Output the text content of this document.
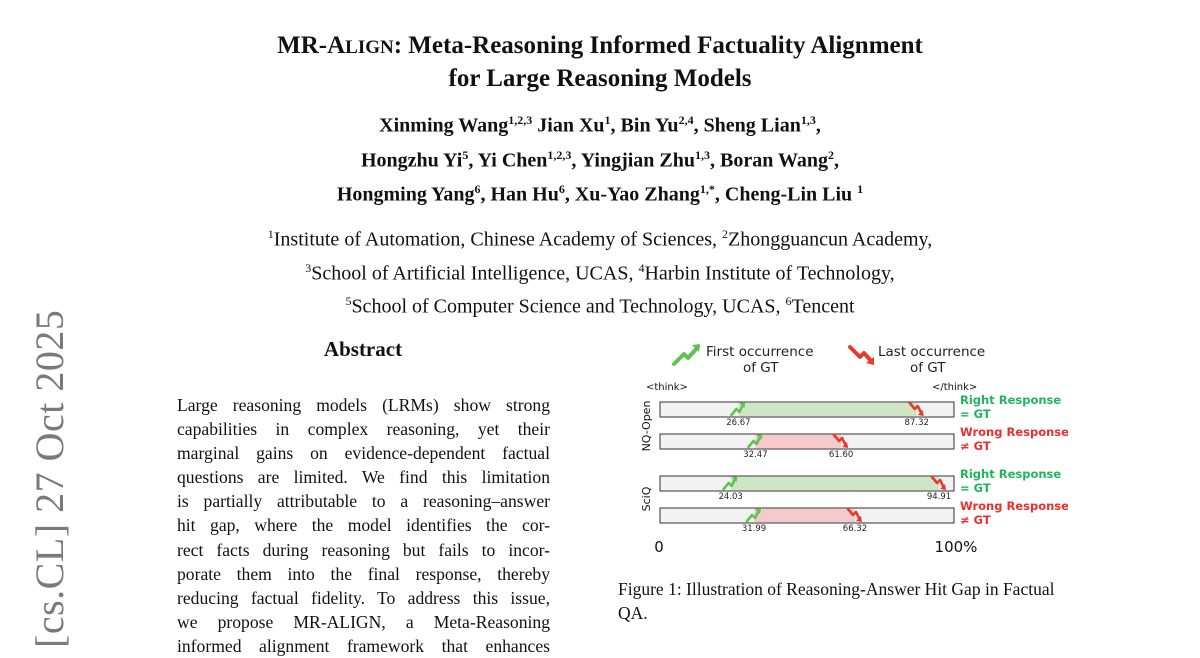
[cs.CL] 27 Oct 2025
MR-ALIGN: Meta-Reasoning Informed Factuality Alignment
for Large Reasoning Models
Xinming Wang$^{1,2,3}$ Jian Xu$^1$, Bin Yu$^{2,4}$, Sheng Lian$^{1,3}$,
Hongzhu Yi$^5$, Yi Chen$^{1,2,3}$, Yingjian Zhu$^{1,3}$, Boran Wang$^2$,
Hongming Yang$^6$, Han Hu$^6$, Xu-Yao Zhang$^{1,*}$, Cheng-Lin Liu $^1$
$^1$Institute of Automation, Chinese Academy of Sciences, $^2$Zhongguancun Academy,
$^3$School of Artificial Intelligence, UCAS, $^4$Harbin Institute of Technology,
$^5$School of Computer Science and Technology, UCAS, $^6$Tencent
Abstract
Large reasoning models (LRMs) show strong
capabilities in complex reasoning, yet their
marginal gains on evidence-dependent factual
questions are limited. We find this limitation
is partially attributable to a reasoning–answer
hit gap, where the model identifies the cor-
rect facts during reasoning but fails to incor-
porate them into the final response, thereby
reducing factual fidelity. To address this issue,
we propose MR-ALIGN, a Meta-Reasoning
informed alignment framework that enhances
First occurrence
of GT
Last occurrence
of GT
<think>	</think>
26.67	87.32
Right Response
= GT
32.47	61.60
Wrong Response
≠ GT
24.03	94.91
Right Response
= GT
31.99	66.32
Wrong Response
≠ GT
NQ-Open
SciQ
0	100%
Figure 1: Illustration of Reasoning-Answer Hit Gap in Factual QA.
